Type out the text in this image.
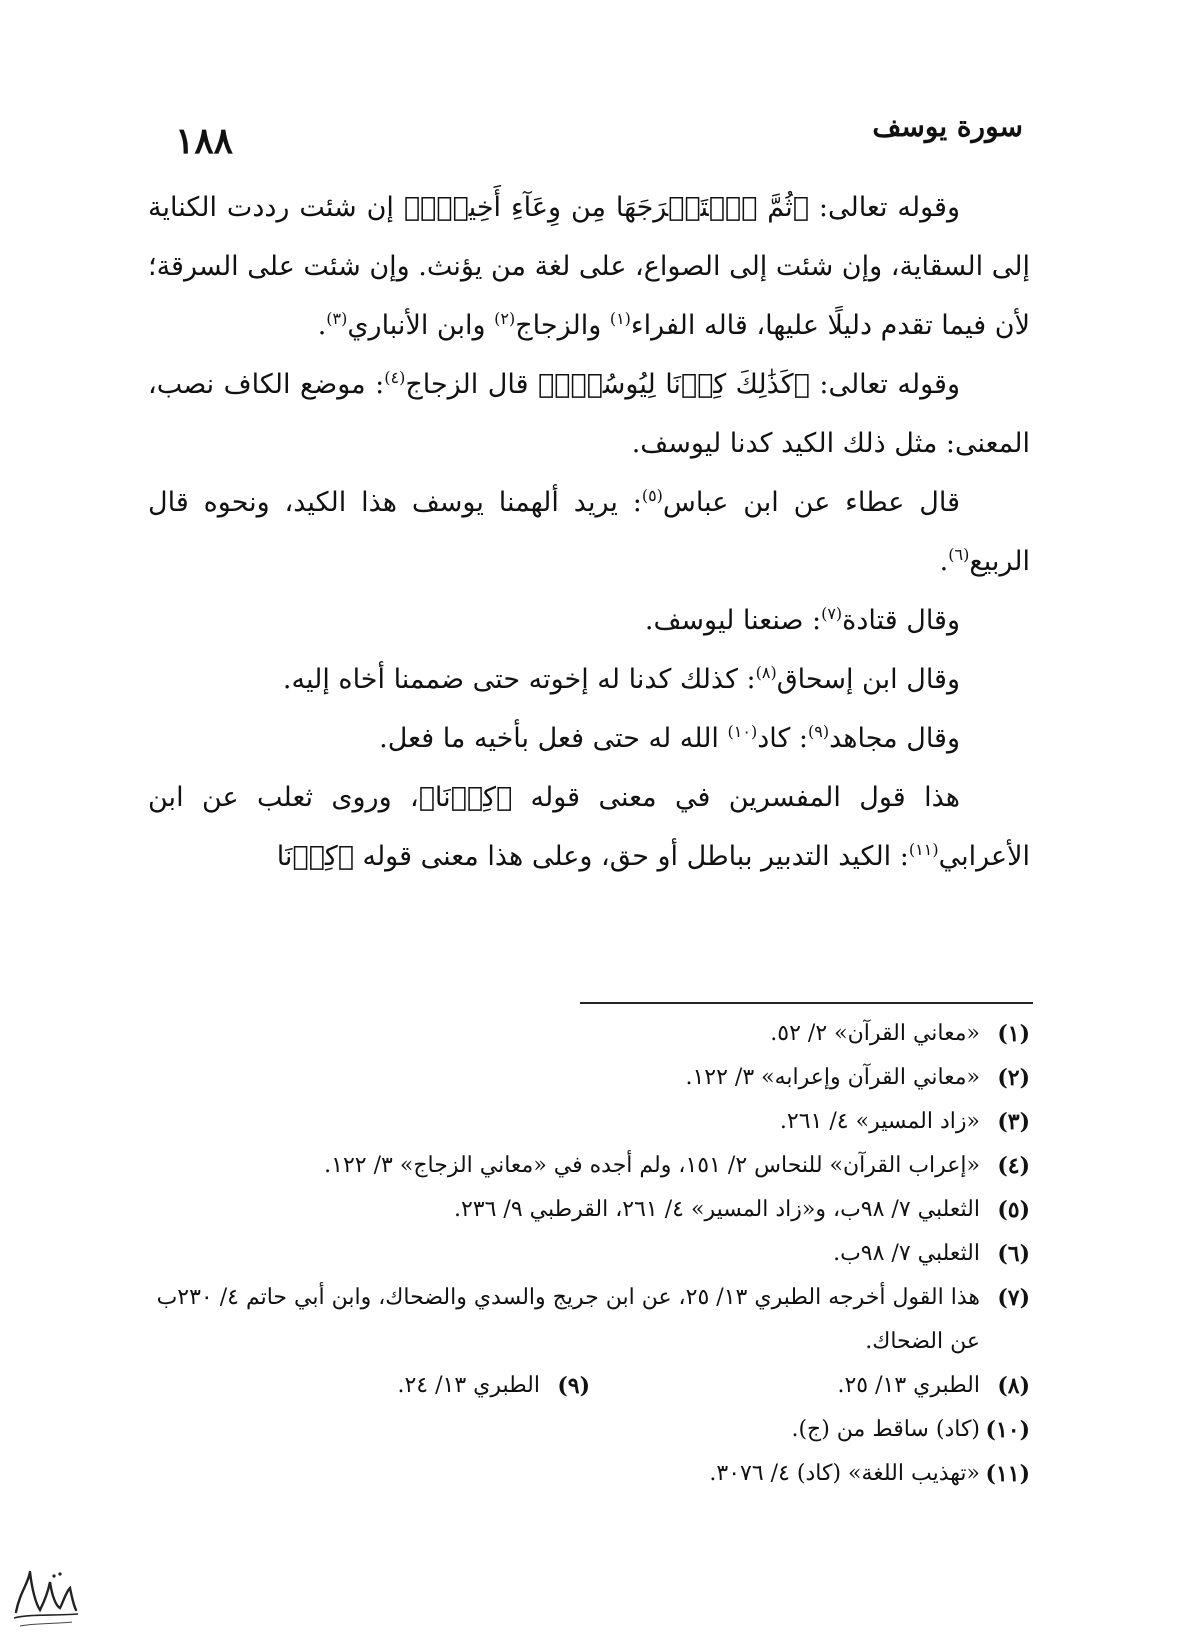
١٨٨	سورة يوسف

وقوله تعالى: ﴿ثُمَّ ٱسۡتَخۡرَجَهَا مِن وِعَآءِ أَخِيهِۚ﴾ إن شئت رددت الكناية إلى السقاية، وإن شئت إلى الصواع، على لغة من يؤنث. وإن شئت على السرقة؛ لأن فيما تقدم دليلًا عليها، قاله الفراء$^{(١)}$ والزجاج$^{(٢)}$ وابن الأنباري$^{(٣)}$.

وقوله تعالى: ﴿كَذَٰلِكَ كِدۡنَا لِيُوسُفَۖ﴾ قال الزجاج$^{(٤)}$: موضع الكاف نصب، المعنى: مثل ذلك الكيد كدنا ليوسف.

قال عطاء عن ابن عباس$^{(٥)}$: يريد ألهمنا يوسف هذا الكيد، ونحوه قال الربيع$^{(٦)}$.

وقال قتادة$^{(٧)}$: صنعنا ليوسف.

وقال ابن إسحاق$^{(٨)}$: كذلك كدنا له إخوته حتى ضممنا أخاه إليه.

وقال مجاهد$^{(٩)}$: كاد$^{(١٠)}$ الله له حتى فعل بأخيه ما فعل.

هذا قول المفسرين في معنى قوله ﴿كِدۡنَا﴾، وروى ثعلب عن ابن الأعرابي$^{(١١)}$: الكيد التدبير بباطل أو حق، وعلى هذا معنى قوله ﴿كِدۡنَا

(١)
«معاني القرآن» ٢/ ٥٢.
(٢)
«معاني القرآن وإعرابه» ٣/ ١٢٢.
(٣)
«زاد المسير» ٤/ ٢٦١.
(٤)
«إعراب القرآن» للنحاس ٢/ ١٥١، ولم أجده في «معاني الزجاج» ٣/ ١٢٢.
(٥)
الثعلبي ٧/ ٩٨ب، و«زاد المسير» ٤/ ٢٦١، القرطبي ٩/ ٢٣٦.
(٦)
الثعلبي ٧/ ٩٨ب.
(٧)
هذا القول أخرجه الطبري ١٣/ ٢٥، عن ابن جريج والسدي والضحاك، وابن أبي حاتم ٤/ ٢٣٠ب عن الضحاك.
(٨)
الطبري ١٣/ ٢٥.
(٩)
الطبري ١٣/ ٢٤.
(١٠)
(كاد) ساقط من (ج).
(١١)
«تهذيب اللغة» (كاد) ٤/ ٣٠٧٦.
